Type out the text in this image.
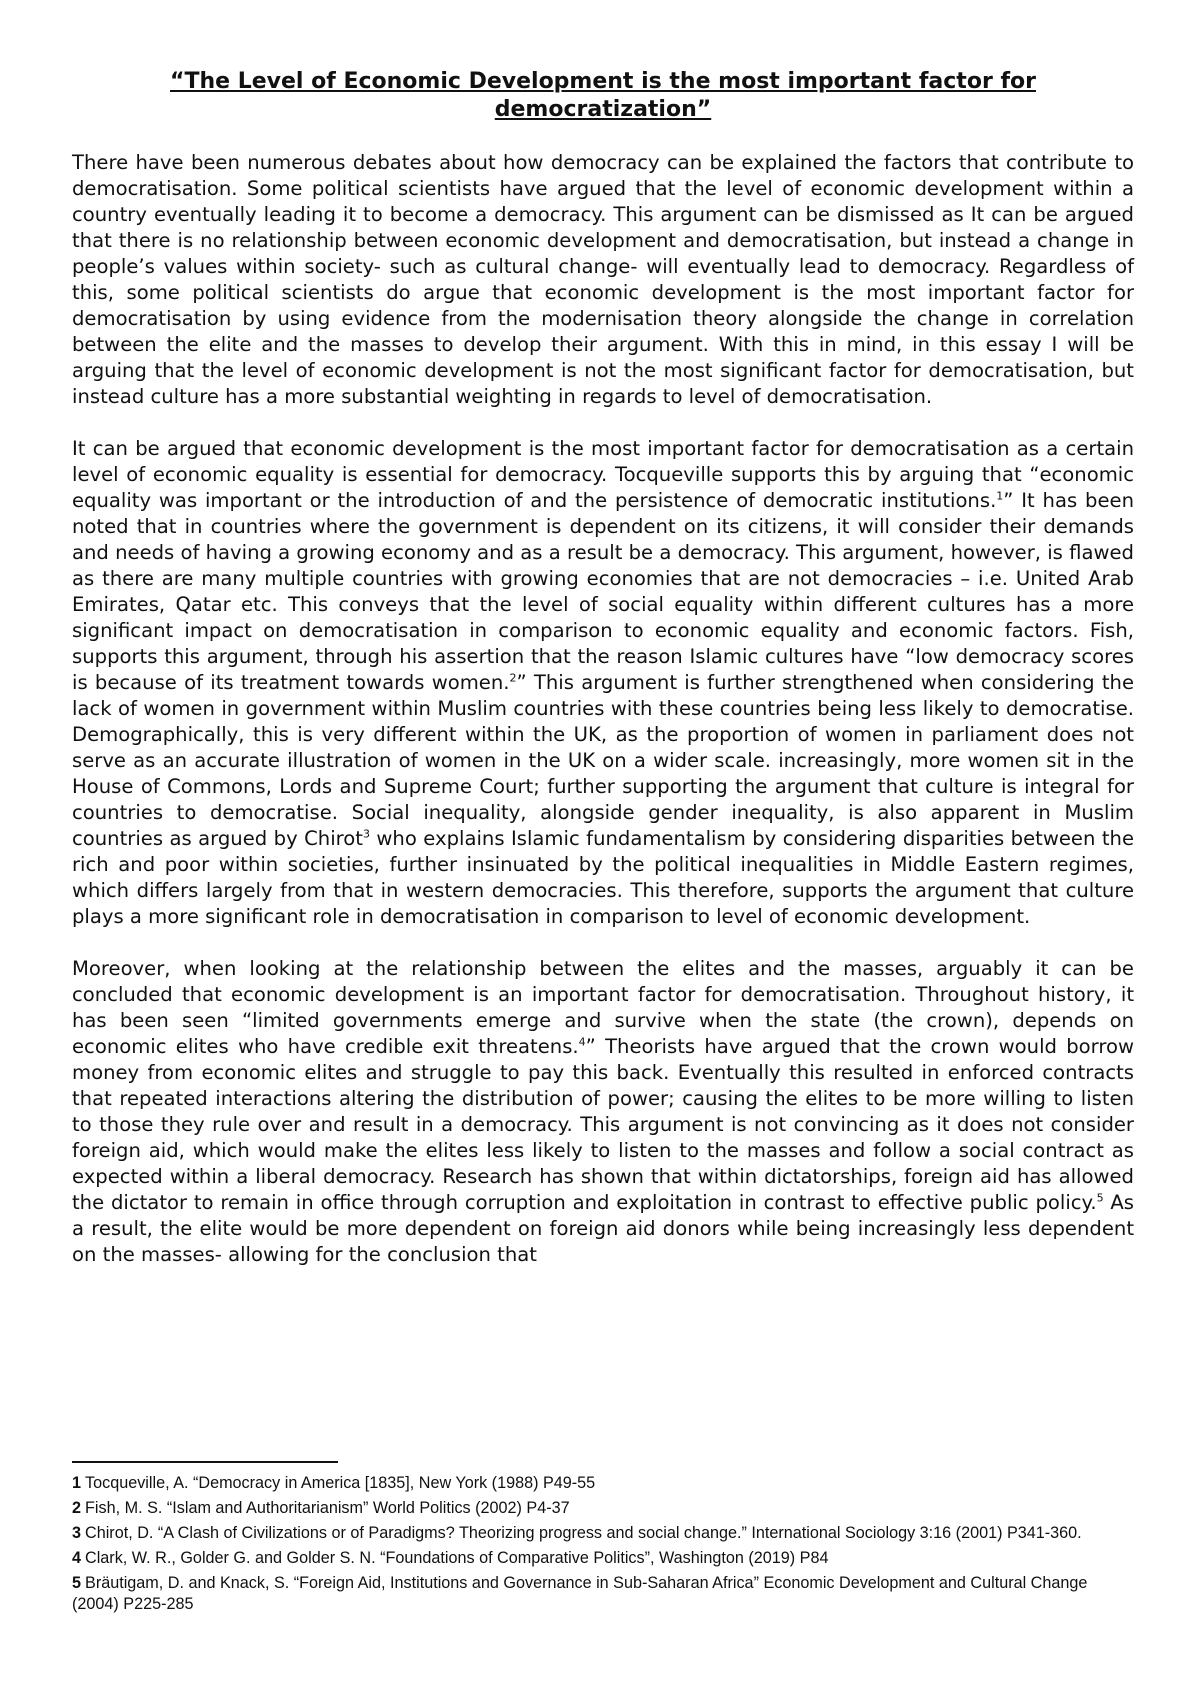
“The Level of Economic Development is the most important factor for
democratization”

There have been numerous debates about how democracy can be explained the factors that contribute to democratisation. Some political scientists have argued that the level of economic development within a country eventually leading it to become a democracy. This argument can be dismissed as It can be argued that there is no relationship between economic development and democratisation, but instead a change in people’s values within society- such as cultural change- will eventually lead to democracy. Regardless of this, some political scientists do argue that economic development is the most important factor for democratisation by using evidence from the modernisation theory alongside the change in correlation between the elite and the masses to develop their argument. With this in mind, in this essay I will be arguing that the level of economic development is not the most significant factor for democratisation, but instead culture has a more substantial weighting in regards to level of democratisation.

It can be argued that economic development is the most important factor for democratisation as a certain level of economic equality is essential for democracy. Tocqueville supports this by arguing that “economic equality was important or the introduction of and the persistence of democratic institutions.$^1$” It has been noted that in countries where the government is dependent on its citizens, it will consider their demands and needs of having a growing economy and as a result be a democracy. This argument, however, is flawed as there are many multiple countries with growing economies that are not democracies – i.e. United Arab Emirates, Qatar etc. This conveys that the level of social equality within different cultures has a more significant impact on democratisation in comparison to economic equality and economic factors. Fish, supports this argument, through his assertion that the reason Islamic cultures have “low democracy scores is because of its treatment towards women.$^2$” This argument is further strengthened when considering the lack of women in government within Muslim countries with these countries being less likely to democratise. Demographically, this is very different within the UK, as the proportion of women in parliament does not serve as an accurate illustration of women in the UK on a wider scale. increasingly, more women sit in the House of Commons, Lords and Supreme Court; further supporting the argument that culture is integral for countries to democratise. Social inequality, alongside gender inequality, is also apparent in Muslim countries as argued by Chirot$^3$ who explains Islamic fundamentalism by considering disparities between the rich and poor within societies, further insinuated by the political inequalities in Middle Eastern regimes, which differs largely from that in western democracies. This therefore, supports the argument that culture plays a more significant role in democratisation in comparison to level of economic development.

Moreover, when looking at the relationship between the elites and the masses, arguably it can be concluded that economic development is an important factor for democratisation. Throughout history, it has been seen “limited governments emerge and survive when the state (the crown), depends on economic elites who have credible exit threatens.$^4$” Theorists have argued that the crown would borrow money from economic elites and struggle to pay this back. Eventually this resulted in enforced contracts that repeated interactions altering the distribution of power; causing the elites to be more willing to listen to those they rule over and result in a democracy. This argument is not convincing as it does not consider foreign aid, which would make the elites less likely to listen to the masses and follow a social contract as expected within a liberal democracy. Research has shown that within dictatorships, foreign aid has allowed the dictator to remain in office through corruption and exploitation in contrast to effective public policy.$^5$ As a result, the elite would be more dependent on foreign aid donors while being increasingly less dependent on the masses- allowing for the conclusion that

1 Tocqueville, A. “Democracy in America [1835], New York (1988) P49-55
2 Fish, M. S. “Islam and Authoritarianism” World Politics (2002) P4-37
3 Chirot, D. “A Clash of Civilizations or of Paradigms? Theorizing progress and social change.” International Sociology 3:16 (2001) P341-360.
4 Clark, W. R., Golder G. and Golder S. N. “Foundations of Comparative Politics”, Washington (2019) P84
5 Bräutigam, D. and Knack, S. “Foreign Aid, Institutions and Governance in Sub-Saharan Africa” Economic Development and Cultural Change (2004) P225-285
